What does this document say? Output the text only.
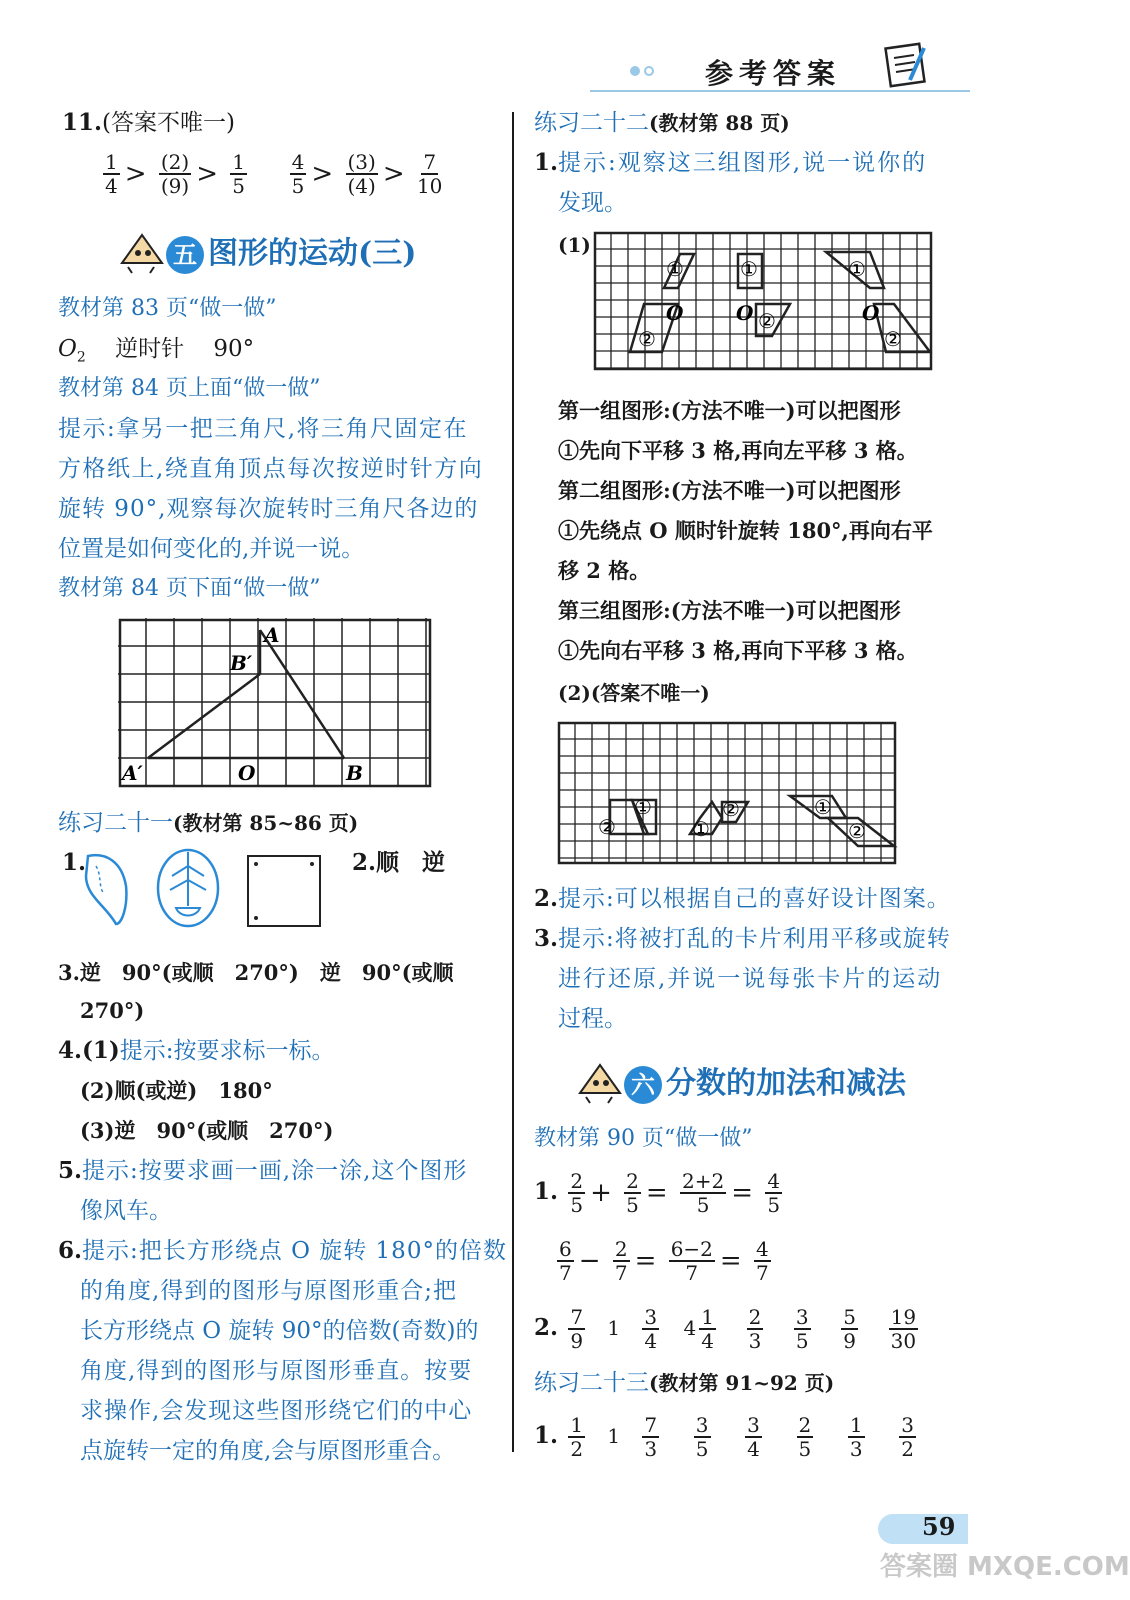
参考答案
11.(答案不唯一)
$\frac{1}{4} > \frac{(2)}{(9)} > \frac{1}{5}$
$\frac{4}{5} > \frac{(3)}{(4)} > \frac{7}{10}$
五 图形的运动(三)
教材第 83 页“做一做”
$O_2$ 逆时针 90°
教材第 84 页上面“做一做”
提示:拿另一把三角尺,将三角尺固定在
方格纸上,绕直角顶点每次按逆时针方向
旋转 90°,观察每次旋转时三角尺各边的
位置是如何变化的,并说一说。
教材第 84 页下面“做一做”
A
B′
A′	O	B
练习二十一(教材第 85~86 页)
1.	2.顺　逆
3.逆　90°(或顺　270°)　逆　90°(或顺
270°)
4.(1)提示:按要求标一标。
(2)顺(或逆)　180°
(3)逆　90°(或顺　270°)
5.提示:按要求画一画,涂一涂,这个图形
像风车。
6.提示:把长方形绕点 O 旋转 180°的倍数
的角度,得到的图形与原图形重合;把
长方形绕点 O 旋转 90°的倍数(奇数)的
角度,得到的图形与原图形垂直。按要
求操作,会发现这些图形绕它们的中心
点旋转一定的角度,会与原图形重合。
练习二十二(教材第 88 页)
1.提示:观察这三组图形,说一说你的
发现。
(1)
①
②
O
①
②
O
①
②
O
第一组图形:(方法不唯一)可以把图形
①先向下平移 3 格,再向左平移 3 格。
第二组图形:(方法不唯一)可以把图形
①先绕点 O 顺时针旋转 180°,再向右平
移 2 格。
第三组图形:(方法不唯一)可以把图形
①先向右平移 3 格,再向下平移 3 格。
(2)(答案不唯一)
①
②	①
②	①
②
2.提示:可以根据自己的喜好设计图案。
3.提示:将被打乱的卡片利用平移或旋转
进行还原,并说一说每张卡片的运动
过程。
六 分数的加法和减法
教材第 90 页“做一做”
1. $\frac{2}{5} + \frac{2}{5} = \frac{2+2}{5} = \frac{4}{5}$
$\frac{6}{7} - \frac{2}{7} = \frac{6-2}{7} = \frac{4}{7}$
2. $\frac{7}{9} 1 \frac{3}{4} 4 \frac{1}{4}$
$\frac{2}{3}$
$\frac{3}{5}$
$\frac{5}{9}$
$\frac{19}{30}$
练习二十三(教材第 91~92 页)
1. $\frac{1}{2} 1 \frac{7}{3}$
$\frac{3}{5}$
$\frac{3}{4}$
$\frac{2}{5}$
$\frac{1}{3}$
$\frac{3}{2}$
59
答案圈 MXQE.COM
